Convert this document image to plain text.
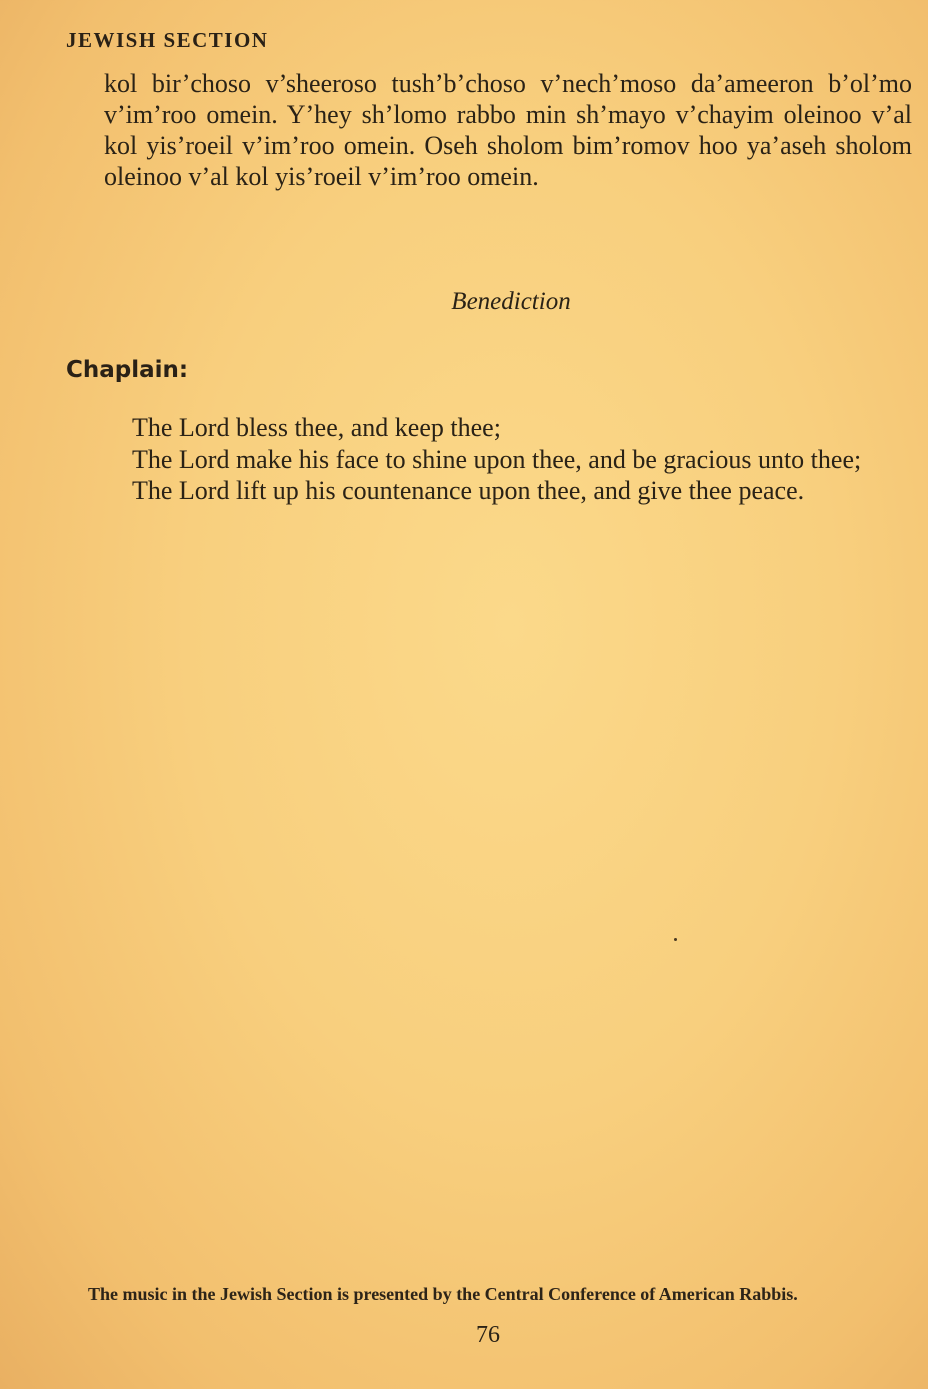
JEWISH SECTION
kol bir’choso v’sheeroso tush’b’choso v’nech’moso da’ameeron b’ol’mo v’im’roo omein. Y’hey sh’lomo rabbo min sh’mayo v’chayim oleinoo v’al kol yis’roeil v’im’roo omein. Oseh sholom bim’romov hoo ya’aseh sholom oleinoo v’al kol yis’roeil v’im’roo omein.
Benediction
Chaplain:

The Lord bless thee, and keep thee;

The Lord make his face to shine upon thee, and be gracious unto thee;

The Lord lift up his countenance upon thee, and give thee peace.

The music in the Jewish Section is presented by the Central Conference of American Rabbis.
76
